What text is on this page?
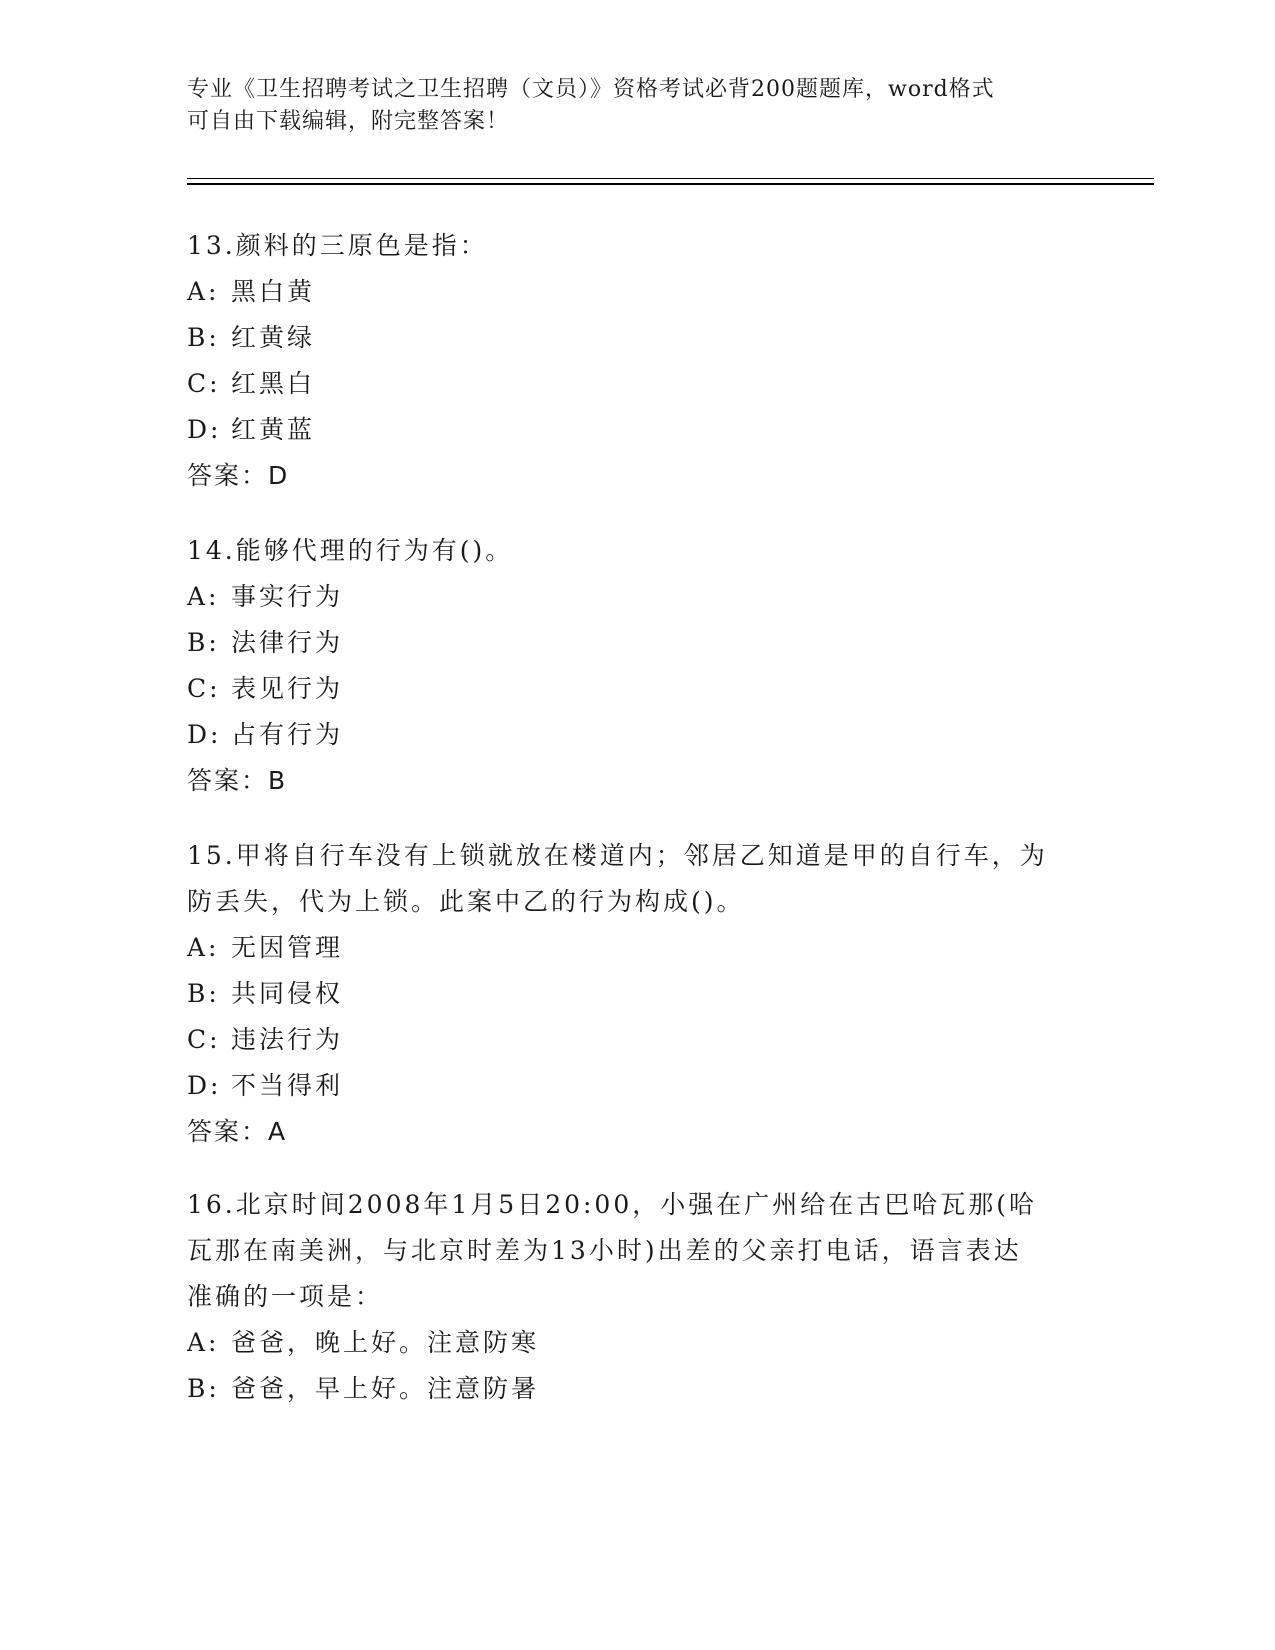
专业《卫生招聘考试之卫生招聘（文员）》资格考试必背200题题库，word格式
可自由下载编辑，附完整答案！
13.颜料的三原色是指：
A: 黑白黄
B: 红黄绿
C: 红黑白
D: 红黄蓝
答案：D
14.能够代理的行为有()。
A: 事实行为
B: 法律行为
C: 表见行为
D: 占有行为
答案：B
15.甲将自行车没有上锁就放在楼道内；邻居乙知道是甲的自行车，为
防丢失，代为上锁。此案中乙的行为构成()。
A: 无因管理
B: 共同侵权
C: 违法行为
D: 不当得利
答案：A
16.北京时间2008年1月5日20:00，小强在广州给在古巴哈瓦那(哈
瓦那在南美洲，与北京时差为13小时)出差的父亲打电话，语言表达
准确的一项是：
A: 爸爸，晚上好。注意防寒
B: 爸爸，早上好。注意防暑
